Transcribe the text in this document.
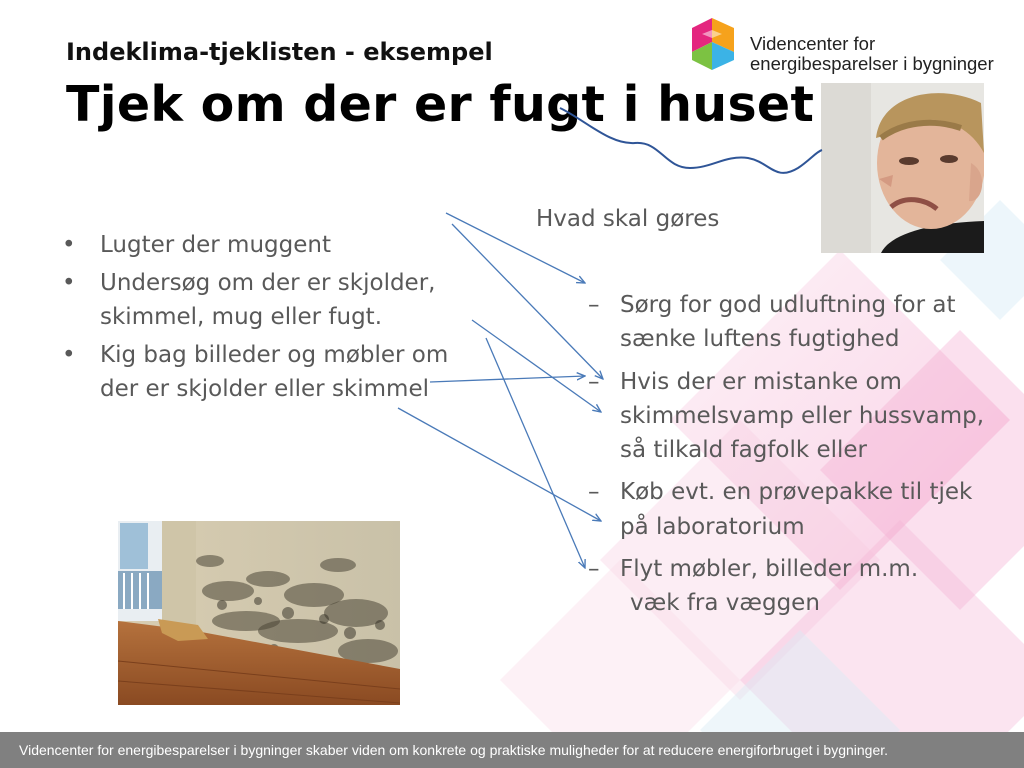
Indeklima-tjeklisten - eksempel
Tjek om der er fugt i huset
Videncenter for
energibesparelser i bygninger
• Lugter der muggent
• Undersøg om der er skjolder, skimmel, mug eller fugt.
• Kig bag billeder og møbler om der er skjolder eller skimmel
Hvad skal gøres
– Sørg for god udluftning for at sænke luftens fugtighed
– Hvis der er mistanke om skimmelsvamp eller hussvamp, så tilkald fagfolk eller
– Køb evt. en prøvepakke til tjek på laboratorium
– Flyt møbler, billeder m.m.
væk fra væggen
Videncenter for energibesparelser i bygninger skaber viden om konkrete og praktiske muligheder for at reducere energiforbruget i bygninger.
